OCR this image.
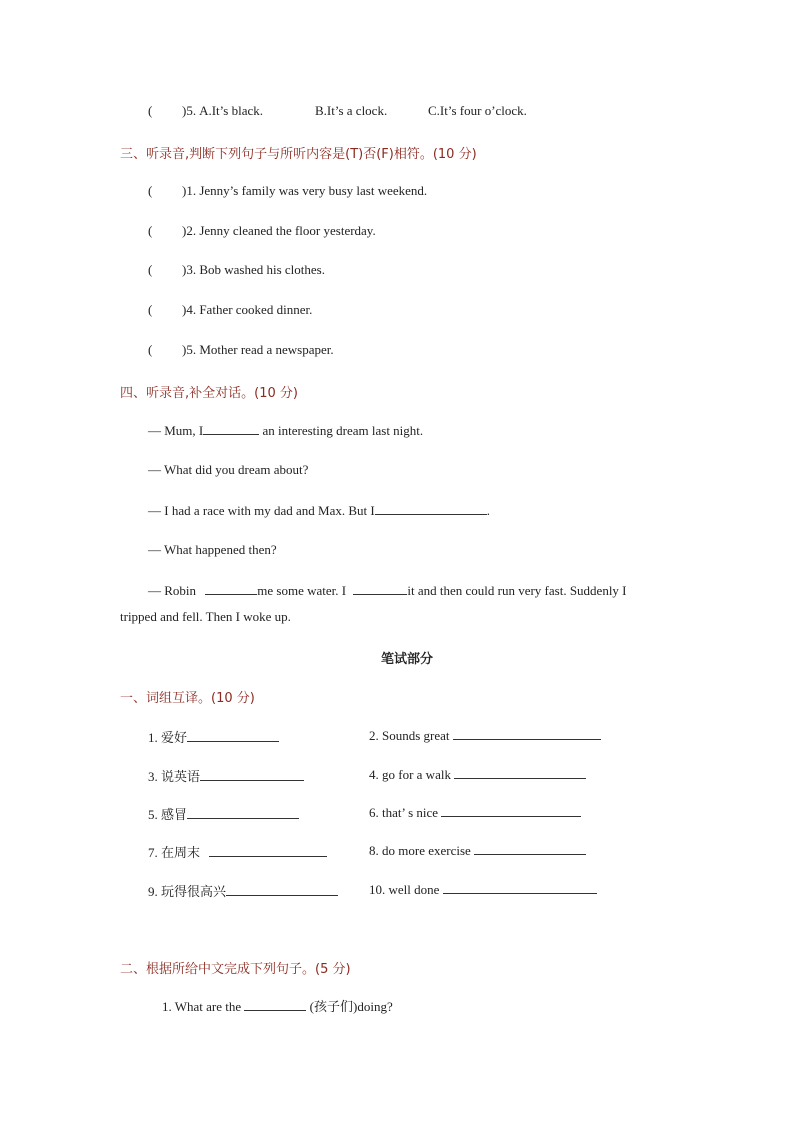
( )5. A.It’s black.	B.It’s a clock.	C.It’s four o’clock.
三、听录音,判断下列句子与所听内容是(T)否(F)相符。(10 分)
( )1. Jenny’s family was very busy last weekend.
( )2. Jenny cleaned the floor yesterday.
( )3. Bob washed his clothes.
( )4. Father cooked dinner.
( )5. Mother read a newspaper.
四、听录音,补全对话。(10 分)
— Mum, I	an interesting dream last night.
— What did you dream about?
— I had a race with my dad and Max. But I	.
— What happened then?
— Robin	me some water. I	it and then could run very fast. Suddenly I
tripped and fell. Then I woke up.
笔试部分
一、词组互译。(10 分)
1. 爱好	2. Sounds great
3. 说英语	4. go for a walk
5. 感冒	6. that’ s nice
7. 在周末	8. do more exercise
9. 玩得很高兴	10. well done
二、根据所给中文完成下列句子。(5 分)
1. What are the	(孩子们)doing?
